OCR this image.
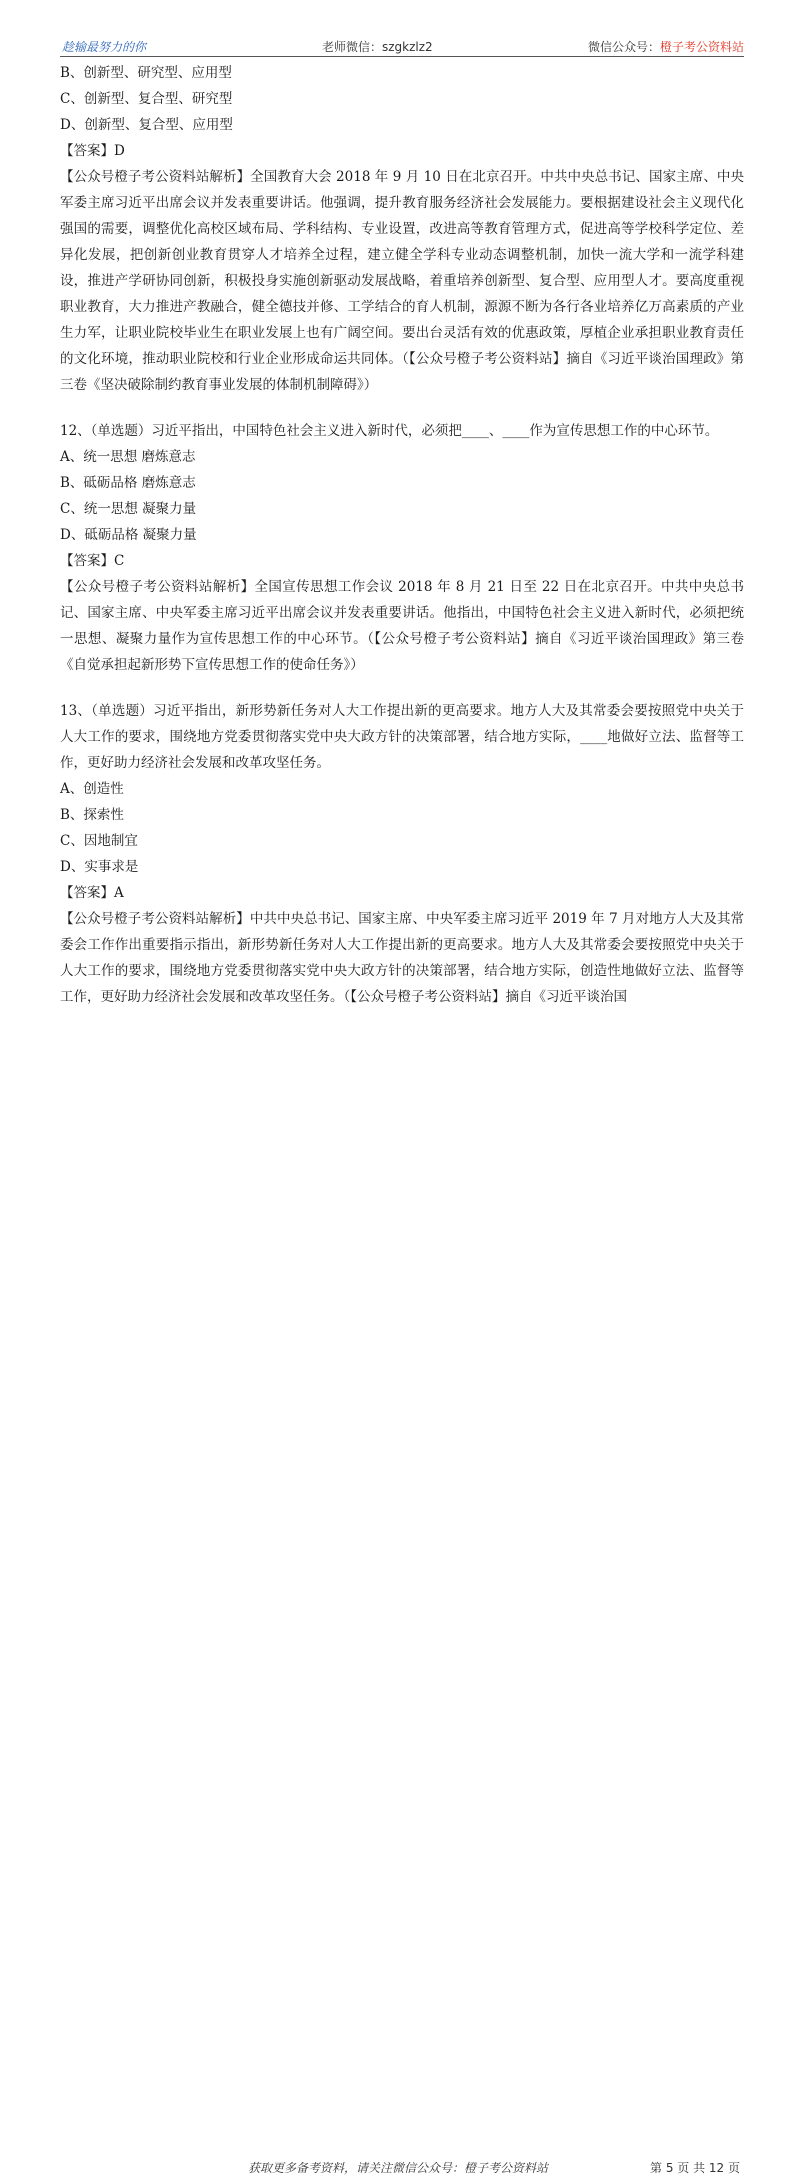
趁输最努力的你	老师微信：szgkzlz2	微信公众号：橙子考公资料站
B、创新型、研究型、应用型
C、创新型、复合型、研究型
D、创新型、复合型、应用型
【答案】D
【公众号橙子考公资料站解析】全国教育大会 2018 年 9 月 10 日在北京召开。中共中央总书记、国家主席、中央军委主席习近平出席会议并发表重要讲话。他强调，提升教育服务经济社会发展能力。要根据建设社会主义现代化强国的需要，调整优化高校区域布局、学科结构、专业设置，改进高等教育管理方式，促进高等学校科学定位、差异化发展，把创新创业教育贯穿人才培养全过程，建立健全学科专业动态调整机制，加快一流大学和一流学科建设，推进产学研协同创新，积极投身实施创新驱动发展战略，着重培养创新型、复合型、应用型人才。要高度重视职业教育，大力推进产教融合，健全德技并修、工学结合的育人机制，源源不断为各行各业培养亿万高素质的产业生力军，让职业院校毕业生在职业发展上也有广阔空间。要出台灵活有效的优惠政策，厚植企业承担职业教育责任的文化环境，推动职业院校和行业企业形成命运共同体。（【公众号橙子考公资料站】摘自《习近平谈治国理政》第三卷《坚决破除制约教育事业发展的体制机制障碍》）
12、（单选题）习近平指出，中国特色社会主义进入新时代，必须把____、____作为宣传思想工作的中心环节。
A、统一思想 磨炼意志
B、砥砺品格 磨炼意志
C、统一思想 凝聚力量
D、砥砺品格 凝聚力量
【答案】C
【公众号橙子考公资料站解析】全国宣传思想工作会议 2018 年 8 月 21 日至 22 日在北京召开。中共中央总书记、国家主席、中央军委主席习近平出席会议并发表重要讲话。他指出，中国特色社会主义进入新时代，必须把统一思想、凝聚力量作为宣传思想工作的中心环节。（【公众号橙子考公资料站】摘自《习近平谈治国理政》第三卷《自觉承担起新形势下宣传思想工作的使命任务》）
13、（单选题）习近平指出，新形势新任务对人大工作提出新的更高要求。地方人大及其常委会要按照党中央关于人大工作的要求，围绕地方党委贯彻落实党中央大政方针的决策部署，结合地方实际，____地做好立法、监督等工作，更好助力经济社会发展和改革攻坚任务。
A、创造性
B、探索性
C、因地制宜
D、实事求是
【答案】A
【公众号橙子考公资料站解析】中共中央总书记、国家主席、中央军委主席习近平 2019 年 7 月对地方人大及其常委会工作作出重要指示指出，新形势新任务对人大工作提出新的更高要求。地方人大及其常委会要按照党中央关于人大工作的要求，围绕地方党委贯彻落实党中央大政方针的决策部署，结合地方实际，创造性地做好立法、监督等工作，更好助力经济社会发展和改革攻坚任务。（【公众号橙子考公资料站】摘自《习近平谈治国
获取更多备考资料，请关注微信公众号：橙子考公资料站	第 5 页 共 12 页
